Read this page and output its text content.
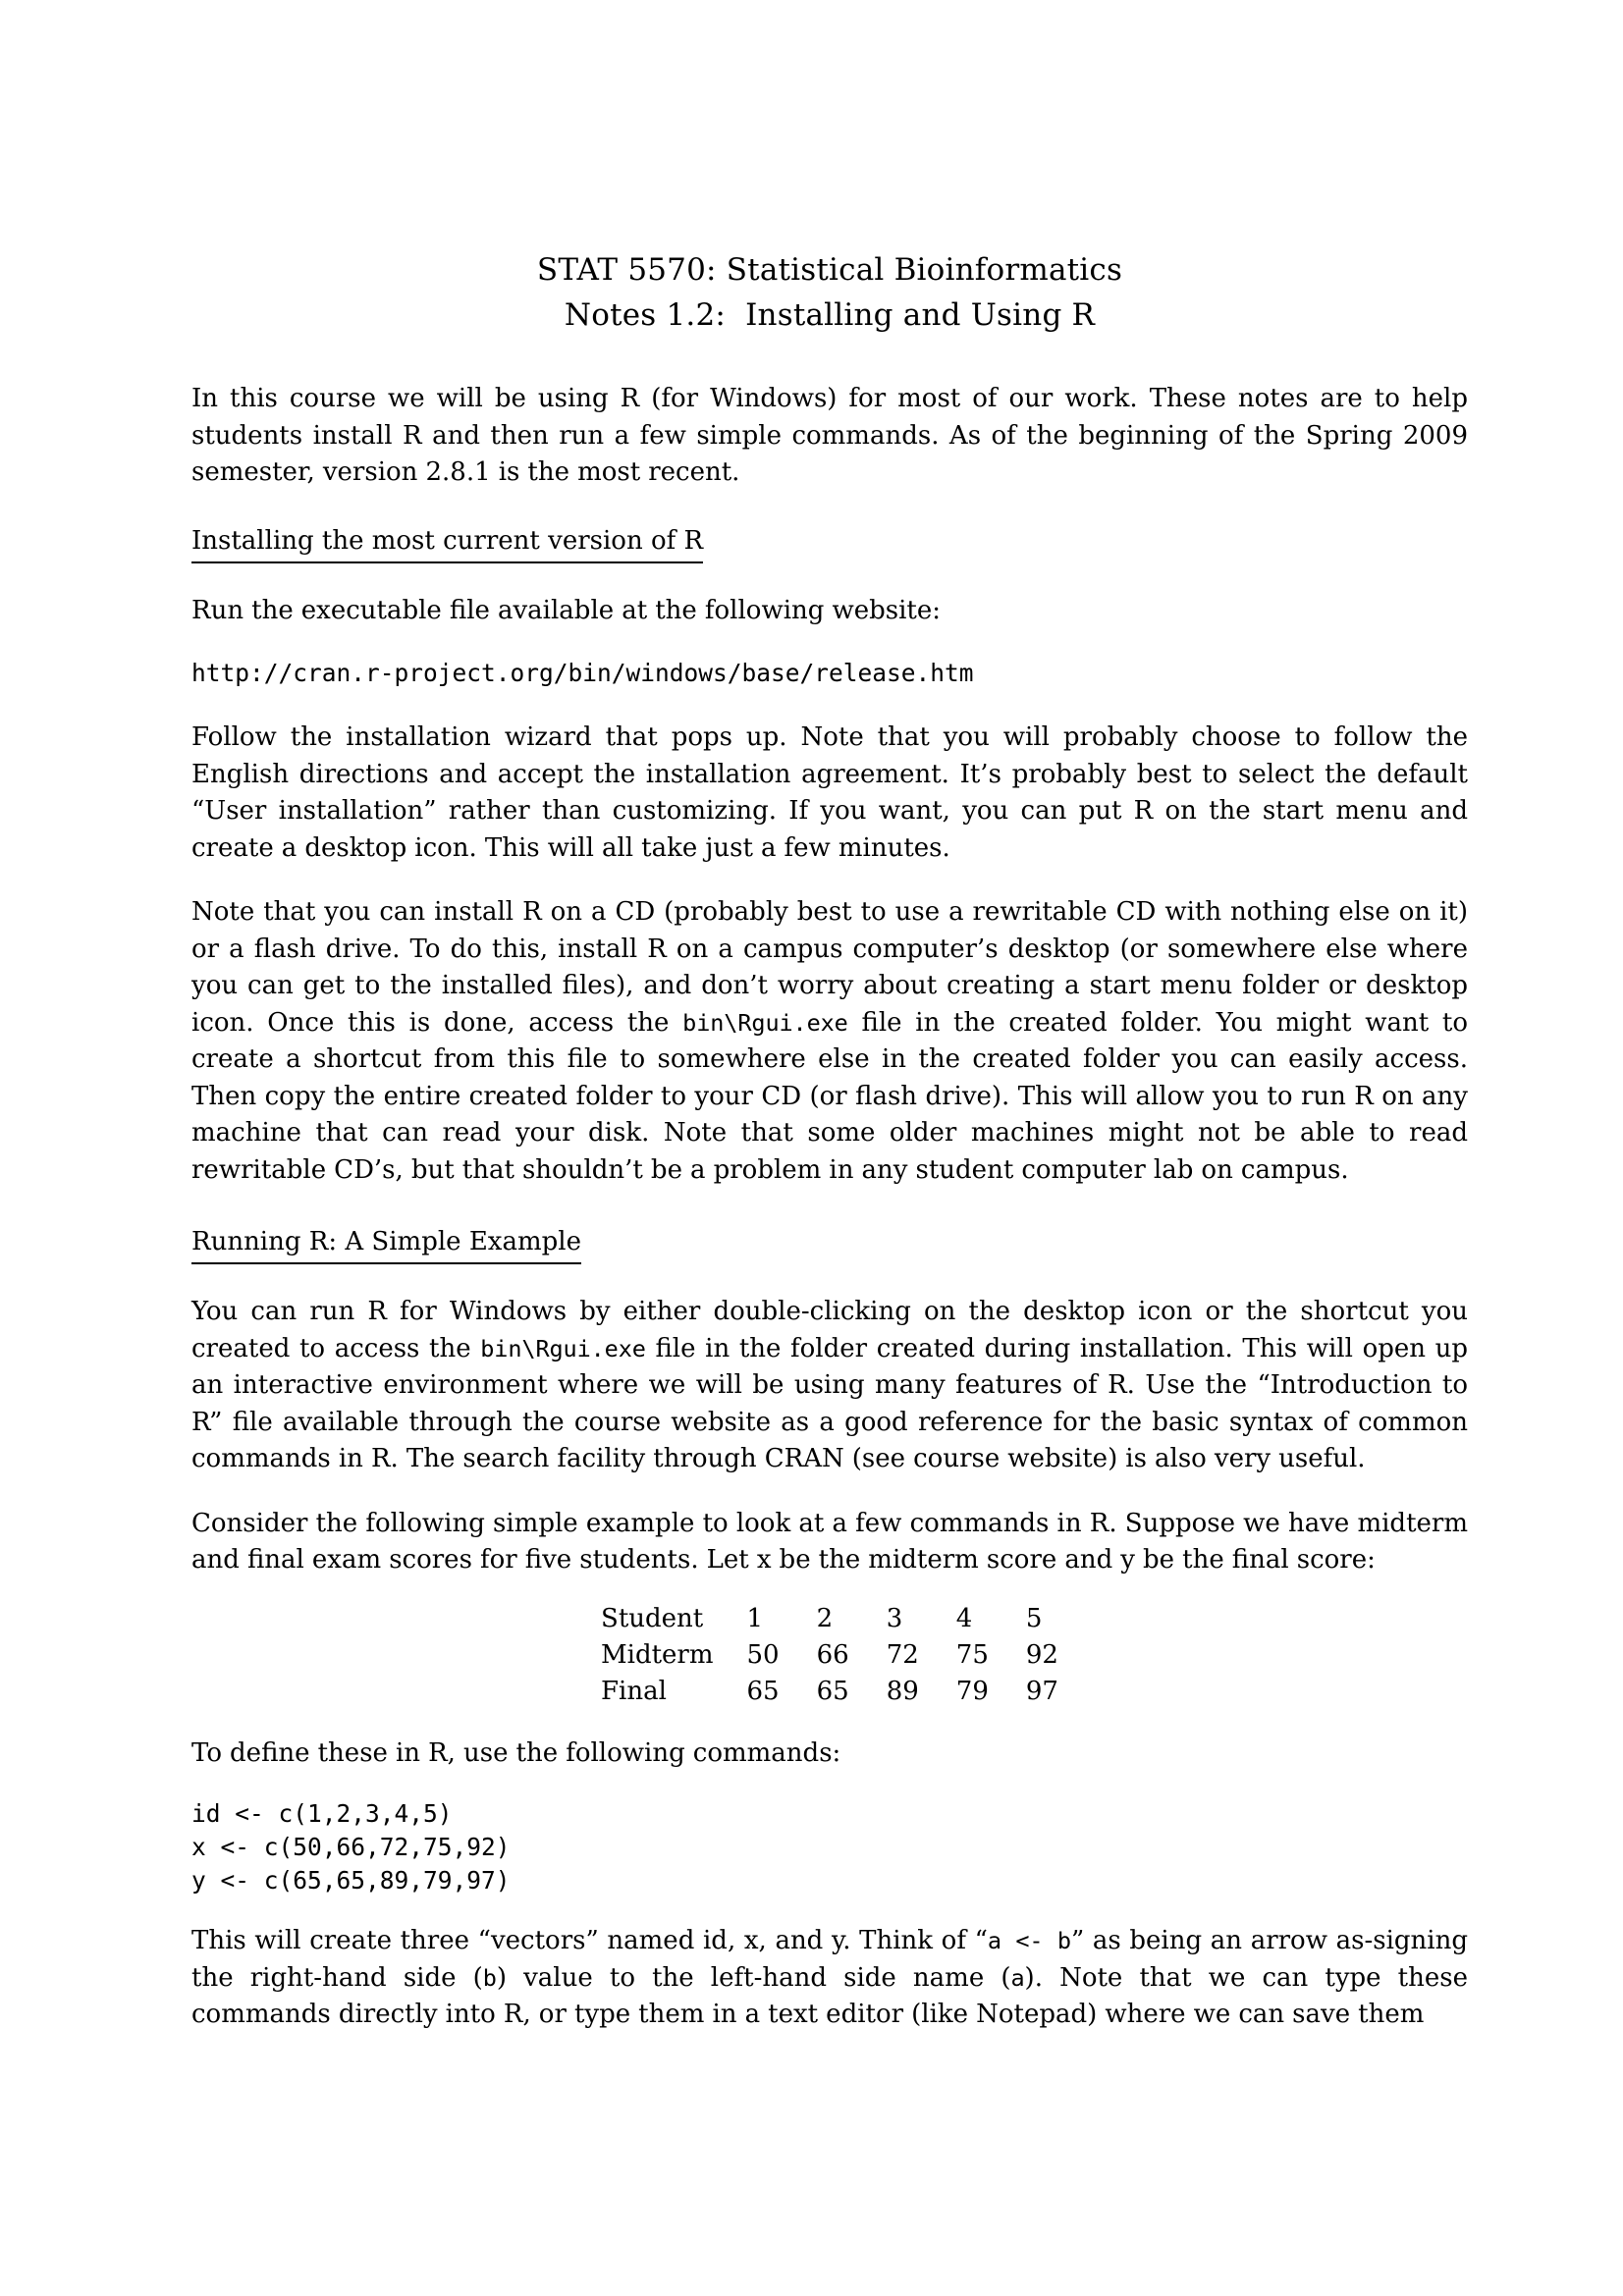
STAT 5570: Statistical Bioinformatics
Notes 1.2:  Installing and Using R

In this course we will be using R (for Windows) for most of our work. These notes are to help students install R and then run a few simple commands. As of the beginning of the Spring 2009 semester, version 2.8.1 is the most recent.

Installing the most current version of R

Run the executable file available at the following website:

http://cran.r-project.org/bin/windows/base/release.htm

Follow the installation wizard that pops up. Note that you will probably choose to follow the English directions and accept the installation agreement. It’s probably best to select the default “User installation” rather than customizing. If you want, you can put R on the start menu and create a desktop icon. This will all take just a few minutes.

Note that you can install R on a CD (probably best to use a rewritable CD with nothing else on it) or a flash drive. To do this, install R on a campus computer’s desktop (or somewhere else where you can get to the installed files), and don’t worry about creating a start menu folder or desktop icon. Once this is done, access the bin\Rgui.exe file in the created folder. You might want to create a shortcut from this file to somewhere else in the created folder you can easily access. Then copy the entire created folder to your CD (or flash drive). This will allow you to run R on any machine that can read your disk. Note that some older machines might not be able to read rewritable CD’s, but that shouldn’t be a problem in any student computer lab on campus.

Running R: A Simple Example

You can run R for Windows by either double-clicking on the desktop icon or the shortcut you created to access the bin\Rgui.exe file in the folder created during installation. This will open up an interactive environment where we will be using many features of R. Use the “Introduction to R” file available through the course website as a good reference for the basic syntax of common commands in R. The search facility through CRAN (see course website) is also very useful.

Consider the following simple example to look at a few commands in R. Suppose we have midterm and final exam scores for five students. Let x be the midterm score and y be the final score:

Student	1	2	3	4	5
Midterm	50	66	72	75	92
Final	65	65	89	79	97

To define these in R, use the following commands:

id <- c(1,2,3,4,5)
x <- c(50,66,72,75,92)
y <- c(65,65,89,79,97)

This will create three “vectors” named id, x, and y. Think of “a <- b” as being an arrow as-signing the right-hand side (b) value to the left-hand side name (a). Note that we can type these commands directly into R, or type them in a text editor (like Notepad) where we can save them
